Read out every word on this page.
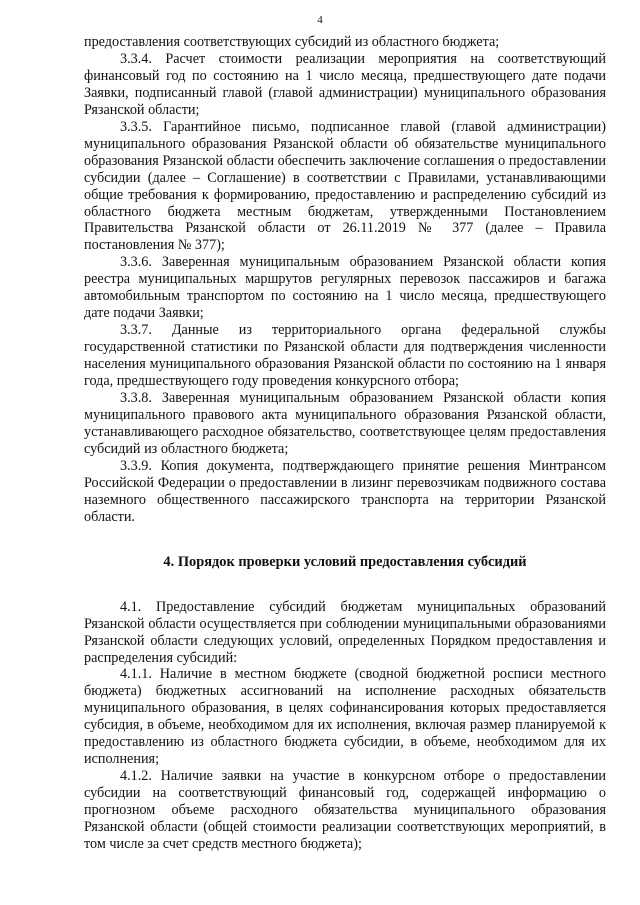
4

предоставления соответствующих субсидий из областного бюджета;

3.3.4. Расчет стоимости реализации мероприятия на соответствующий финансовый год по состоянию на 1 число месяца, предшествующего дате подачи Заявки, подписанный главой (главой администрации) муниципального образования Рязанской области;

3.3.5. Гарантийное письмо, подписанное главой (главой администрации) муниципального образования Рязанской области об обязательстве муниципального образования Рязанской области обеспечить заключение соглашения о предоставлении субсидии (далее – Соглашение) в соответствии с Правилами, устанавливающими общие требования к формированию, предоставлению и распределению субсидий из областного бюджета местным бюджетам, утвержденными Постановлением Правительства Рязанской области от 26.11.2019 № 377 (далее – Правила постановления № 377);

3.3.6. Заверенная муниципальным образованием Рязанской области копия реестра муниципальных маршрутов регулярных перевозок пассажиров и багажа автомобильным транспортом по состоянию на 1 число месяца, предшествующего дате подачи Заявки;

3.3.7. Данные из территориального органа федеральной службы государственной статистики по Рязанской области для подтверждения численности населения муниципального образования Рязанской области по состоянию на 1 января года, предшествующего году проведения конкурсного отбора;

3.3.8. Заверенная муниципальным образованием Рязанской области копия муниципального правового акта муниципального образования Рязанской области, устанавливающего расходное обязательство, соответствующее целям предоставления субсидий из областного бюджета;

3.3.9. Копия документа, подтверждающего принятие решения Минтрансом Российской Федерации о предоставлении в лизинг перевозчикам подвижного состава наземного общественного пассажирского транспорта на территории Рязанской области.

4. Порядок проверки условий предоставления субсидий

4.1. Предоставление субсидий бюджетам муниципальных образований Рязанской области осуществляется при соблюдении муниципальными образованиями Рязанской области следующих условий, определенных Порядком предоставления и распределения субсидий:

4.1.1. Наличие в местном бюджете (сводной бюджетной росписи местного бюджета) бюджетных ассигнований на исполнение расходных обязательств муниципального образования, в целях софинансирования которых предоставляется субсидия, в объеме, необходимом для их исполнения, включая размер планируемой к предоставлению из областного бюджета субсидии, в объеме, необходимом для их исполнения;

4.1.2. Наличие заявки на участие в конкурсном отборе о предоставлении субсидии на соответствующий финансовый год, содержащей информацию о прогнозном объеме расходного обязательства муниципального образования Рязанской области (общей стоимости реализации соответствующих мероприятий, в том числе за счет средств местного бюджета);
